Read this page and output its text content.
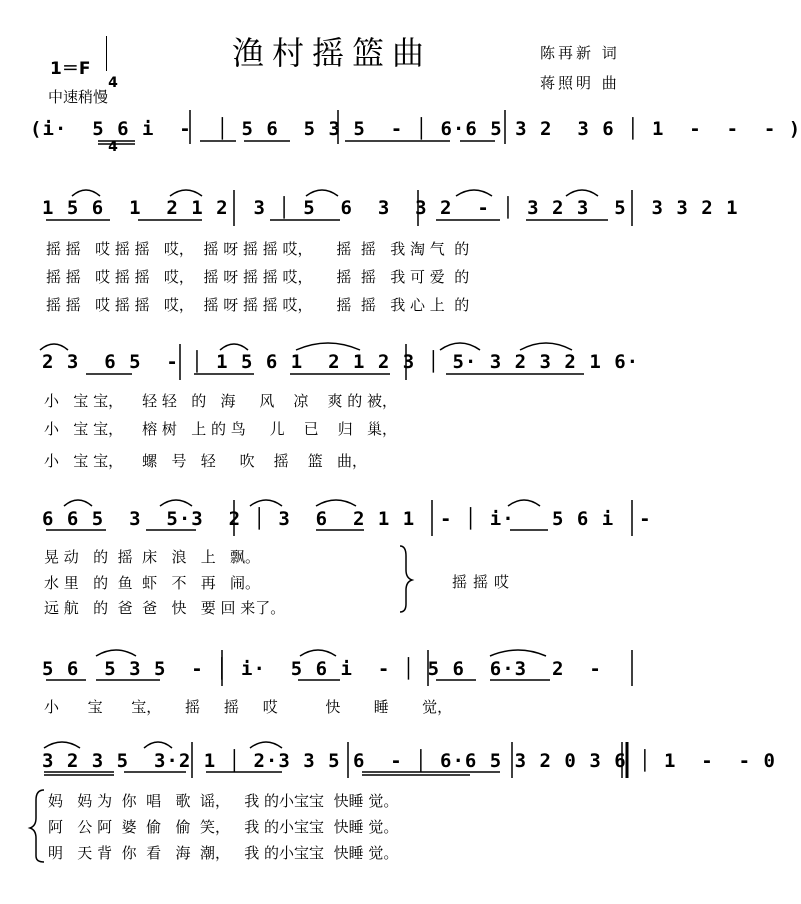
渔村摇篮曲
1＝F

4

4

中速稍慢
陈再新 词
蒋照明 曲
(i·  5 6 i  -  │ 5 6  5 3 5  - │ 6·6 5 3 2  3 6 │ 1  -  -  - )
1 5 6  1  2 1 2  3 │ 5  6  3  3 2  - │ 3 2 3  5  3 3 2 1
摇 摇   哎 摇 摇   哎，  摇 呀 摇 摇 哎，     摇  摇   我 淘 气  的
摇 摇   哎 摇 摇   哎，  摇 呀 摇 摇 哎，     摇  摇   我 可 爱  的
摇 摇   哎 摇 摇   哎，  摇 呀 摇 摇 哎，     摇  摇   我 心 上  的
2 3  6 5  - │ 1 5 6 1  2 1 2 3 │ 5· 3 2 3 2 1 6·
小   宝 宝，    轻 轻   的   海     风    凉    爽 的 被，
小   宝 宝，    榕 树   上 的 鸟     儿    已    归   巢，
小   宝 宝，    螺   号   轻     吹    摇    篮   曲，
6 6 5  3  5·3  2 │ 3  6  2 1 1  - │ i·   5 6 i  -
晃 动   的  摇  床   浪   上   飘。
水 里   的  鱼  虾   不   再   闹。
远 航   的  爸  爸   快   要 回 来了。
摇摇哎
5 6  5 3 5  - │ i·  5 6 i  - │ 5 6  6·3  2  -
小      宝      宝，     摇     摇     哎          快       睡       觉，
3 2 3 5  3·2 1 │ 2·3 3 5 6  - │ 6·6 5 3 2 0 3 6 │ 1  -  - 0
妈   妈 为  你  唱   歌  谣，   我 的小宝宝  快睡 觉。
阿   公 阿  婆  偷   偷  笑，   我 的小宝宝  快睡 觉。
明   天 背  你  看   海  潮，   我 的小宝宝  快睡 觉。
